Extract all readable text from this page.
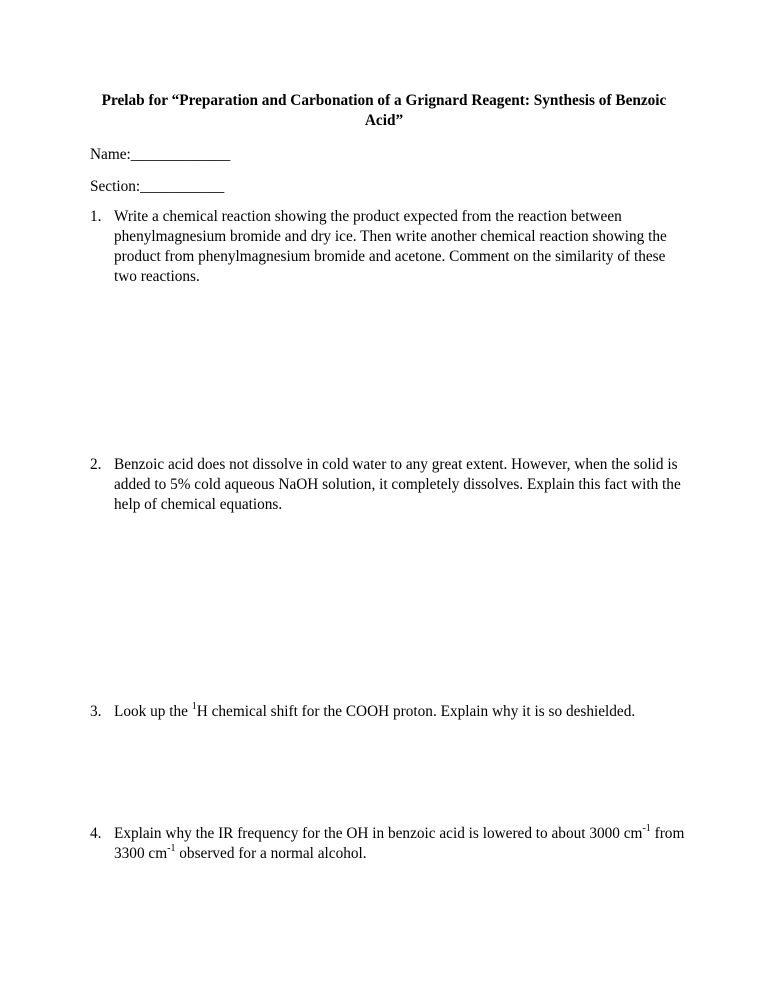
Prelab for “Preparation and Carbonation of a Grignard Reagent: Synthesis of Benzoic Acid”
Name:_____________
Section:___________
1. Write a chemical reaction showing the product expected from the reaction between phenylmagnesium bromide and dry ice. Then write another chemical reaction showing the product from phenylmagnesium bromide and acetone. Comment on the similarity of these two reactions.
2. Benzoic acid does not dissolve in cold water to any great extent. However, when the solid is added to 5% cold aqueous NaOH solution, it completely dissolves. Explain this fact with the help of chemical equations.
3. Look up the $^1$H chemical shift for the COOH proton. Explain why it is so deshielded.
4. Explain why the IR frequency for the OH in benzoic acid is lowered to about 3000 $cm^{-1}$ from 3300 $cm^{-1}$ observed for a normal alcohol.
